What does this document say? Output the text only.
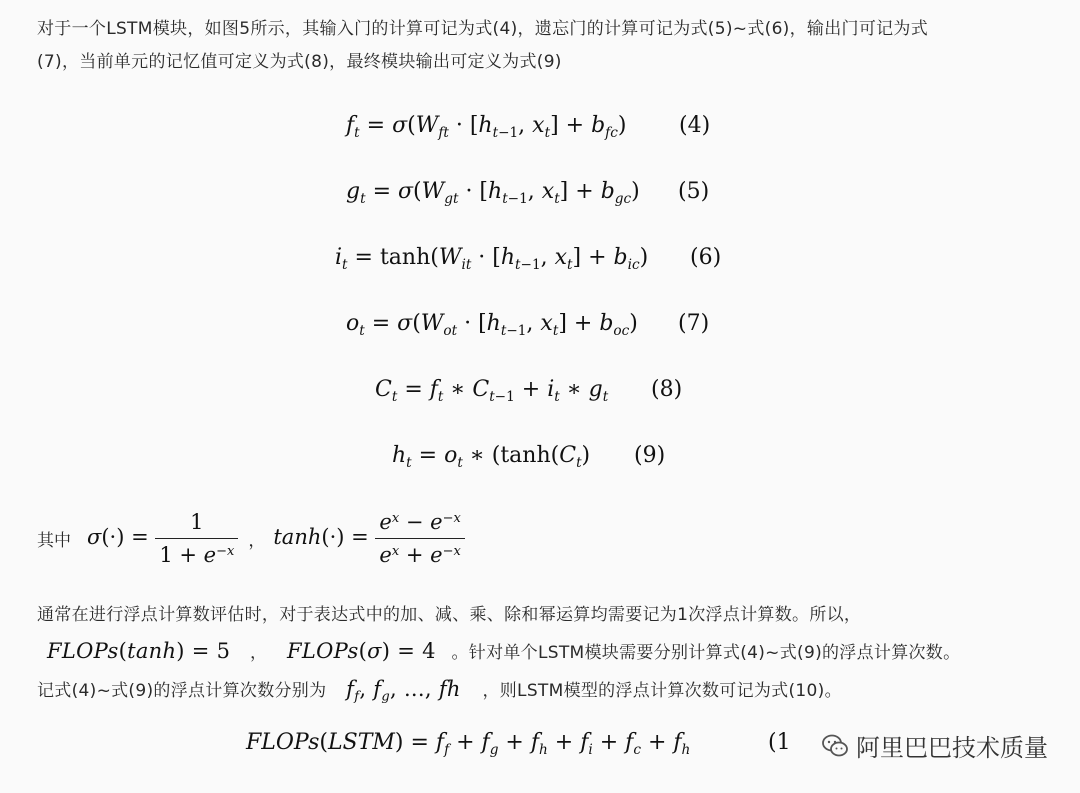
对于一个LSTM模块，如图5所示，其输入门的计算可记为式(4)，遗忘门的计算可记为式(5)~式(6)，输出门可记为式
(7)，当前单元的记忆值可定义为式(8)，最终模块输出可定义为式(9)
$f_t = \sigma(W_{ft} \cdot [h_{t-1}$, $x_t] + b_{fc}$) (4)
$g_t = \sigma(W_{gt} \cdot [h_{t-1}$, $x_t] + b_{gc}$) (5)
$i_t = \tanh(W_{it} \cdot [h_{t-1}$, $x_t] + b_{ic}$) (6)
$o_t = \sigma(W_{ot} \cdot [h_{t-1}$, $x_t] + b_{oc}$) (7)
$C_t = f_t$ ∗ $C_{t-1} + i_t$ ∗ $g_t$ (8)
$h_t = o_t$ ∗ ($\tanh(C_t)$ (9)
其中 $\sigma(\cdot) = \frac{1}{1 + e^{-x}}$ ， $\tanh(\cdot) = \frac{e^x - e^{-x}}{e^x + e^{-x}}$
通常在进行浮点计算数评估时，对于表达式中的加、减、乘、除和幂运算均需要记为1次浮点计算数。所以，
FLOPs(tanh) = 5 ， FLOPs(σ) = 4 。针对单个LSTM模块需要分别计算式(4)~式(9)的浮点计算次数。
记式(4)~式(9)的浮点计算次数分别为 $f_f$, $f_g$, ..., fh ，则LSTM模型的浮点计算次数可记为式(10)。
FLOPs(LSTM) = $f_f + f_g + f_h + f_i + f_c + f_h$	(1	阿里巴巴技术质量
